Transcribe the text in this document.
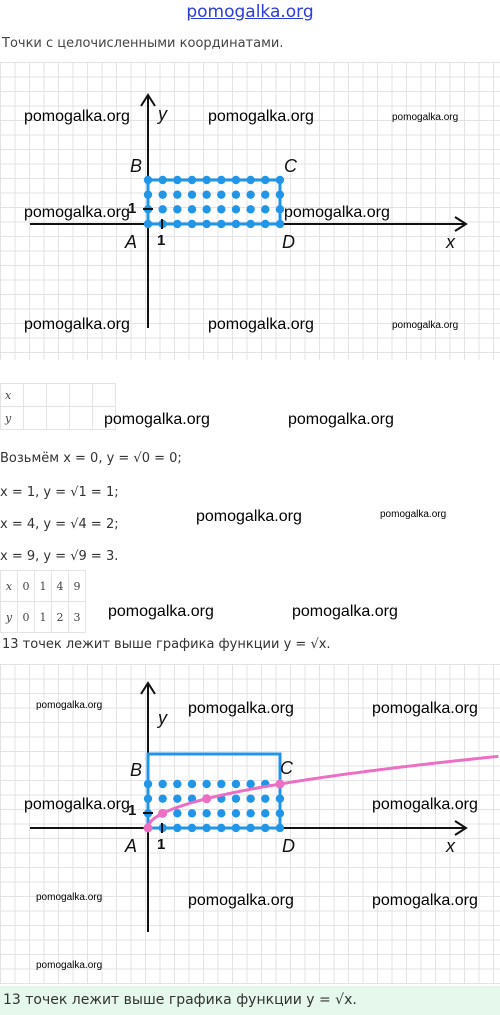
pomogalka.org
Точки с целочисленными координатами.
B	C
A	D
y
x
1
1
pomogalka.org	pomogalka.org	pomogalka.org
pomogalka.org	pomogalka.org
pomogalka.org	pomogalka.org	pomogalka.org
x				
y					pomogalka.org	pomogalka.org
Возьмём x = 0, y = √0 = 0;
x = 1, y = √1 = 1;
x = 4, y = √4 = 2;
x = 9, y = √9 = 3.
pomogalka.org	pomogalka.org
x	0	1	4	9
y	0	1	2	3 pomogalka.org	pomogalka.org
13 точек лежит выше графика функции y = √x.
B	C
A	D
y
x
1
1
pomogalka.org	pomogalka.org	pomogalka.org
pomogalka.org	pomogalka.org
pomogalka.org	pomogalka.org	pomogalka.org
pomogalka.org
13 точек лежит выше графика функции y = √x.
